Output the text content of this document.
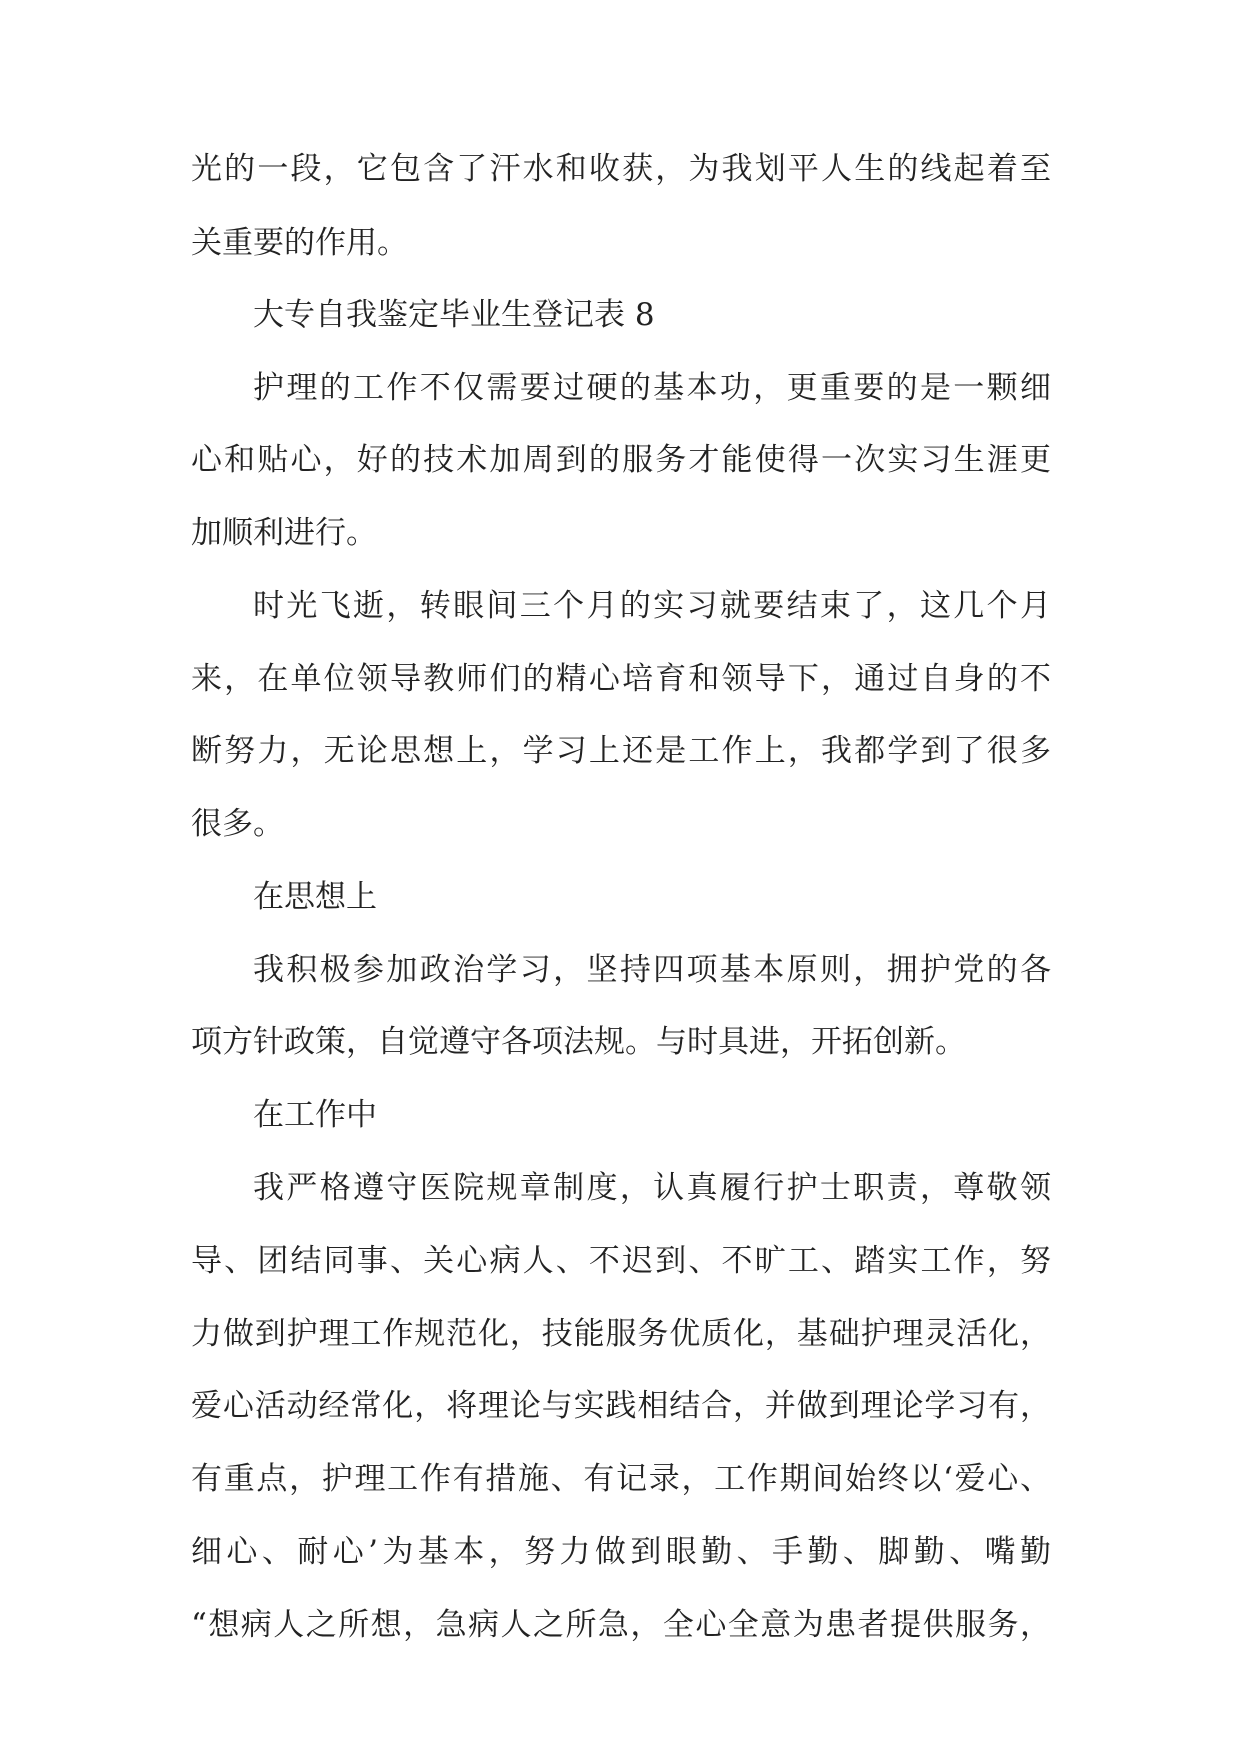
光的一段，它包含了汗水和收获，为我划平人生的线起着至
关重要的作用。
大专自我鉴定毕业生登记表 8
护理的工作不仅需要过硬的基本功，更重要的是一颗细
心和贴心，好的技术加周到的服务才能使得一次实习生涯更
加顺利进行。
时光飞逝，转眼间三个月的实习就要结束了，这几个月
来，在单位领导教师们的精心培育和领导下，通过自身的不
断努力，无论思想上，学习上还是工作上，我都学到了很多
很多。
在思想上
我积极参加政治学习，坚持四项基本原则，拥护党的各
项方针政策，自觉遵守各项法规。与时具进，开拓创新。
在工作中
我严格遵守医院规章制度，认真履行护士职责，尊敬领
导、团结同事、关心病人、不迟到、不旷工、踏实工作，努
力做到护理工作规范化，技能服务优质化，基础护理灵活化，
爱心活动经常化，将理论与实践相结合，并做到理论学习有，
有重点，护理工作有措施、有记录，工作期间始终以‘爱心、
细心、耐心’为基本，努力做到眼勤、手勤、脚勤、嘴勤
“想病人之所想，急病人之所急，全心全意为患者提供服务，
